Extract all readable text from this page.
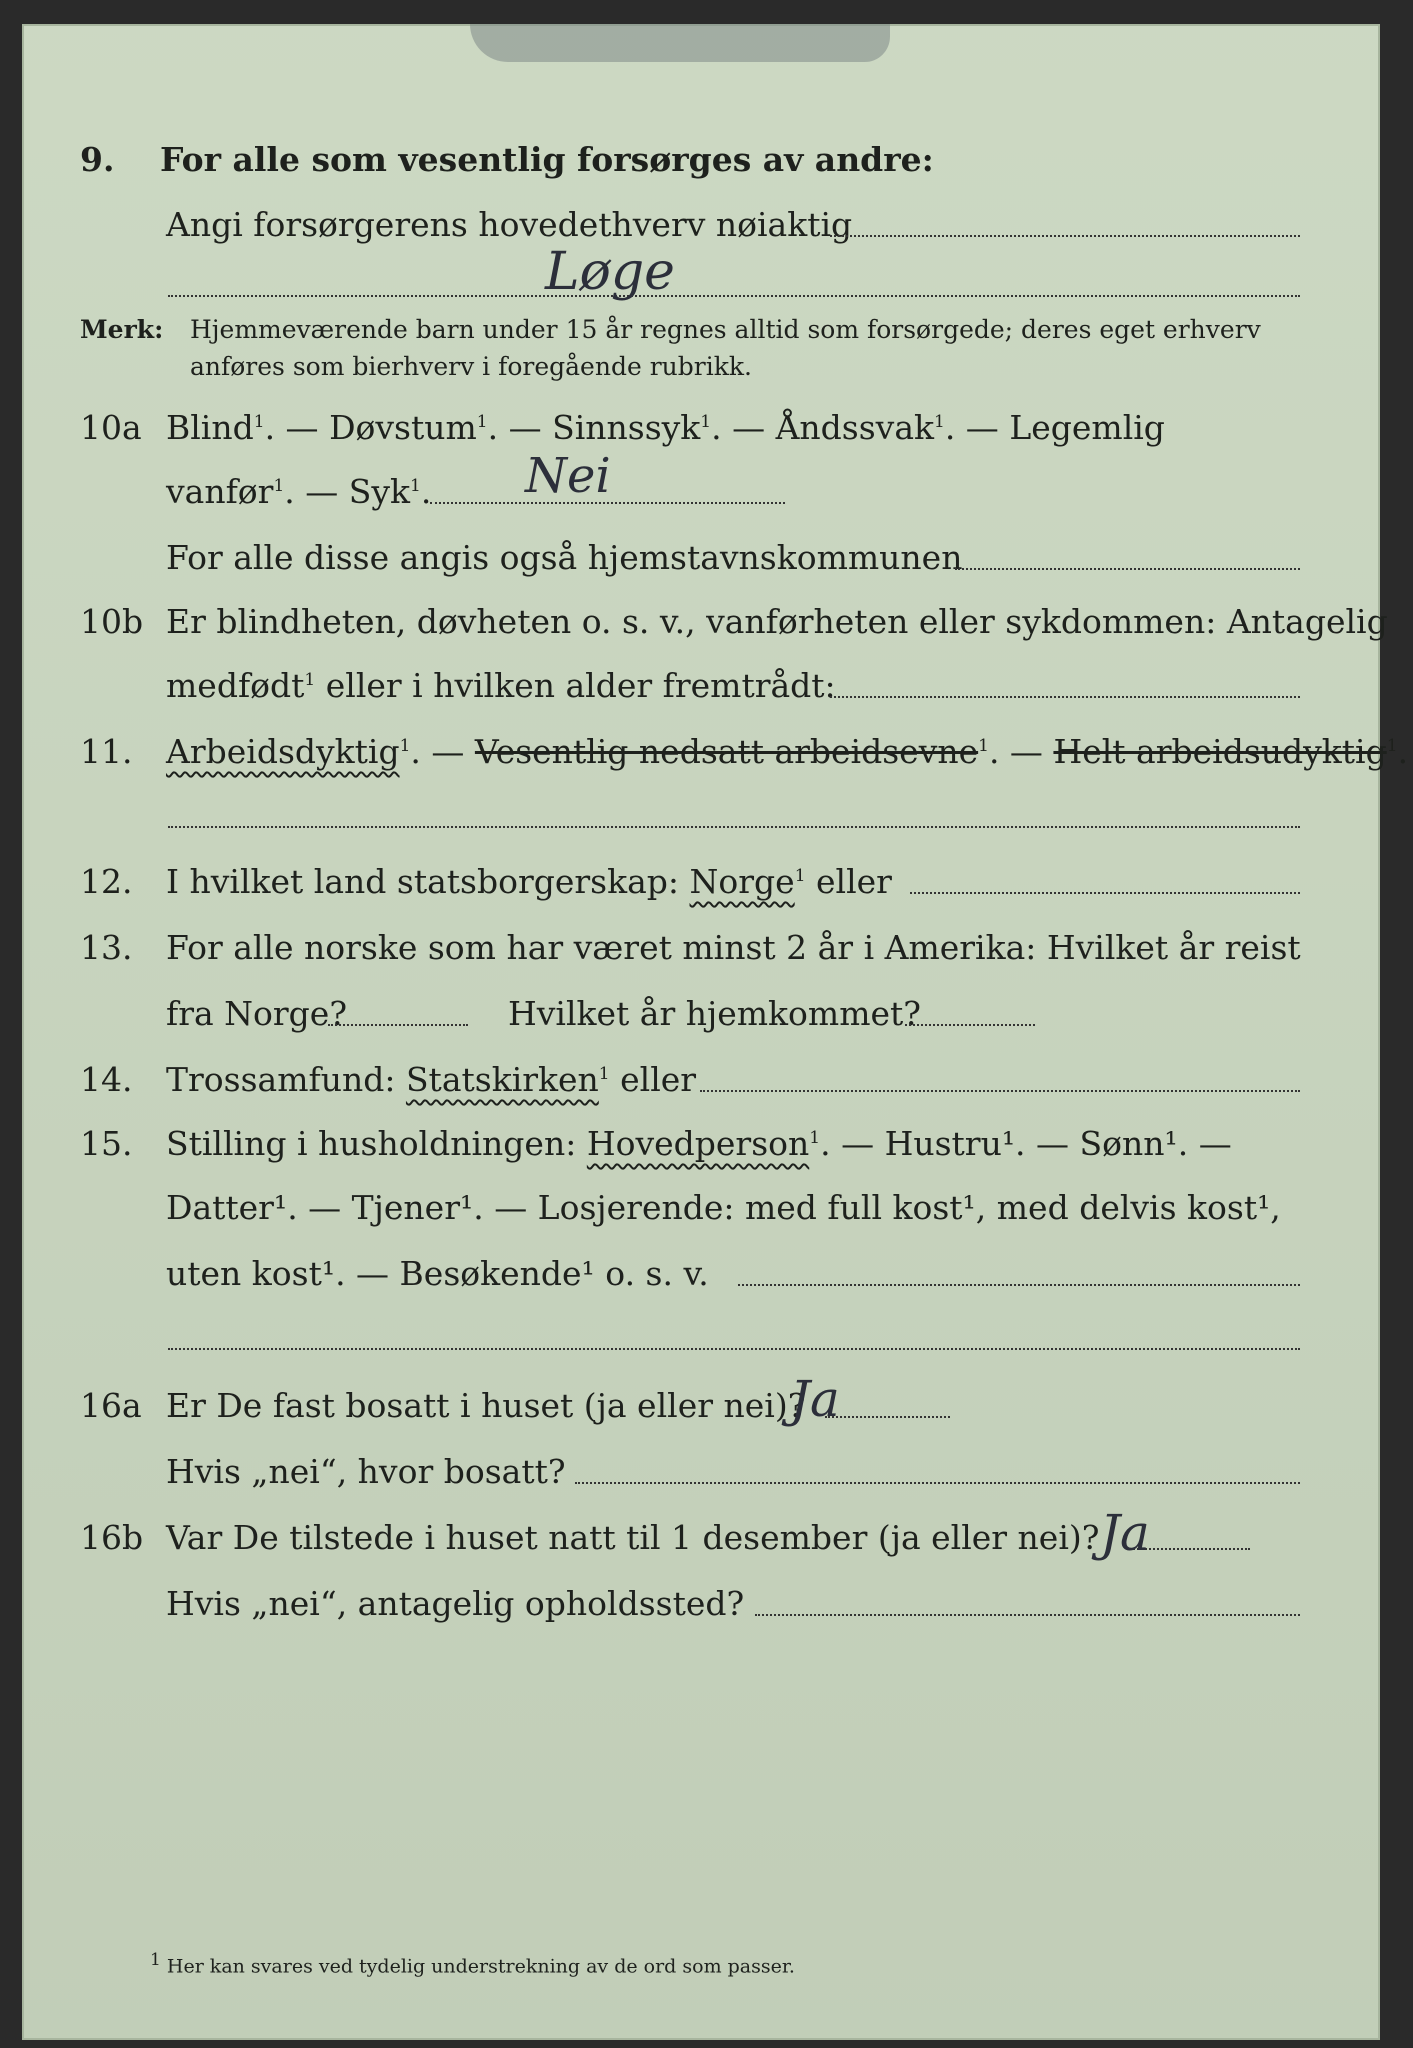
9. For alle som vesentlig forsørges av andre:
Angi forsørgerens hovedethverv nøiaktig
Løge
Merk: Hjemmeværende barn under 15 år regnes alltid som forsørgede; deres eget erhverv
anføres som bierhverv i foregående rubrikk.
10a Blind$^1$. — Døvstum$^1$. — Sinnssyk$^1$. — Åndssvak$^1$. — Legemlig
vanfør$^1$. — Syk$^1$. Nei
For alle disse angis også hjemstavnskommunen
10b Er blindheten, døvheten o. s. v., vanførheten eller sykdommen: Antagelig
medfødt$^1$ eller i hvilken alder fremtrådt:
11. Arbeidsdyktig$^1$. — Vesentlig nedsatt arbeidsevne$^1$. — Helt arbeidsudyktig$^1$.
12. I hvilket land statsborgerskap: Norge$^1$ eller
13. For alle norske som har været minst 2 år i Amerika: Hvilket år reist
fra Norge?	Hvilket år hjemkommet?
14. Trossamfund: Statskirken$^1$ eller
15. Stilling i husholdningen: Hovedperson$^1$. — Hustru¹. — Sønn¹. —
Datter¹. — Tjener¹. — Losjerende: med full kost¹, med delvis kost¹,
uten kost¹. — Besøkende¹ o. s. v.
16a Er De fast bosatt i huset (ja eller nei)?
Ja
Hvis „nei“, hvor bosatt?
16b Var De tilstede i huset natt til 1 desember (ja eller nei)? Ja
Hvis „nei“, antagelig opholdssted?
1 Her kan svares ved tydelig understrekning av de ord som passer.
